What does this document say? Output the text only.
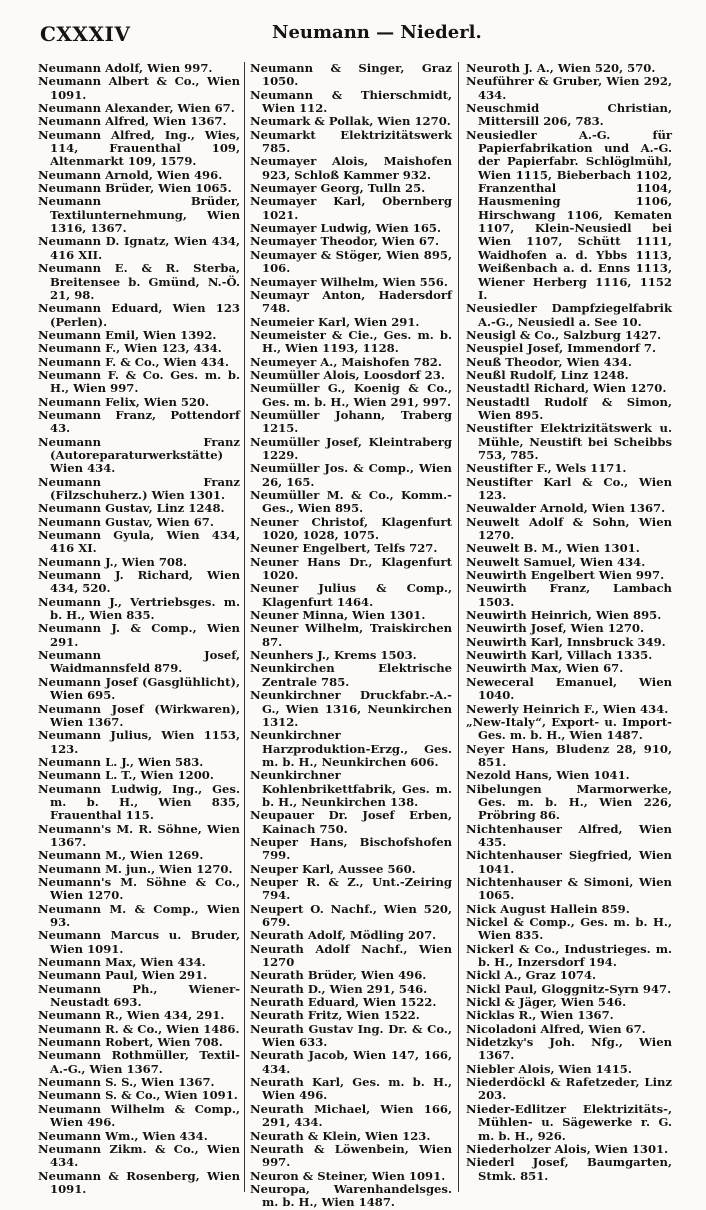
CXXXIV	Neumann — Niederl.

Neumann Adolf, Wien 997.

Neumann Albert & Co., Wien 1091.

Neumann Alexander, Wien 67.

Neumann Alfred, Wien 1367.

Neumann Alfred, Ing., Wies, 114, Frauenthal 109, Altenmarkt 109, 1579.

Neumann Arnold, Wien 496.

Neumann Brüder, Wien 1065.

Neumann Brüder, Textilunternehmung, Wien 1316, 1367.

Neumann D. Ignatz, Wien 434, 416 XII.

Neumann E. & R. Sterba, Breitensee b. Gmünd, N.-Ö. 21, 98.

Neumann Eduard, Wien 123 (Perlen).

Neumann Emil, Wien 1392.

Neumann F., Wien 123, 434.

Neumann F. & Co., Wien 434.

Neumann F. & Co. Ges. m. b. H., Wien 997.

Neumann Felix, Wien 520.

Neumann Franz, Pottendorf 43.

Neumann Franz (Autoreparaturwerkstätte) Wien 434.

Neumann Franz (Filzschuherz.) Wien 1301.

Neumann Gustav, Linz 1248.

Neumann Gustav, Wien 67.

Neumann Gyula, Wien 434, 416 XI.

Neumann J., Wien 708.

Neumann J. Richard, Wien 434, 520.

Neumann J., Vertriebsges. m. b. H., Wien 835.

Neumann J. & Comp., Wien 291.

Neumann Josef, Waidmannsfeld 879.

Neumann Josef (Gasglühlicht), Wien 695.

Neumann Josef (Wirkwaren), Wien 1367.

Neumann Julius, Wien 1153, 123.

Neumann L. J., Wien 583.

Neumann L. T., Wien 1200.

Neumann Ludwig, Ing., Ges. m. b. H., Wien 835, Frauenthal 115.

Neumann's M. R. Söhne, Wien 1367.

Neumann M., Wien 1269.

Neumann M. jun., Wien 1270.

Neumann's M. Söhne & Co., Wien 1270.

Neumann M. & Comp., Wien 93.

Neumann Marcus u. Bruder, Wien 1091.

Neumann Max, Wien 434.

Neumann Paul, Wien 291.

Neumann Ph., Wiener-Neustadt 693.

Neumann R., Wien 434, 291.

Neumann R. & Co., Wien 1486.

Neumann Robert, Wien 708.

Neumann Rothmüller, Textil-A.-G., Wien 1367.

Neumann S. S., Wien 1367.

Neumann S. & Co., Wien 1091.

Neumann Wilhelm & Comp., Wien 496.

Neumann Wm., Wien 434.

Neumann Zikm. & Co., Wien 434.

Neumann & Rosenberg, Wien 1091.

Neumann & Singer, Graz 1050.

Neumann & Thierschmidt, Wien 112.

Neumark & Pollak, Wien 1270.

Neumarkt Elektrizitätswerk 785.

Neumayer Alois, Maishofen 923, Schloß Kammer 932.

Neumayer Georg, Tulln 25.

Neumayer Karl, Obernberg 1021.

Neumayer Ludwig, Wien 165.

Neumayer Theodor, Wien 67.

Neumayer & Stöger, Wien 895, 106.

Neumayer Wilhelm, Wien 556.

Neumayr Anton, Hadersdorf 748.

Neumeier Karl, Wien 291.

Neumeister & Cie., Ges. m. b. H., Wien 1193, 1128.

Neumeyer A., Maishofen 782.

Neumüller Alois, Loosdorf 23.

Neumüller G., Koenig & Co., Ges. m. b. H., Wien 291, 997.

Neumüller Johann, Traberg 1215.

Neumüller Josef, Kleintraberg 1229.

Neumüller Jos. & Comp., Wien 26, 165.

Neumüller M. & Co., Komm.-Ges., Wien 895.

Neuner Christof, Klagenfurt 1020, 1028, 1075.

Neuner Engelbert, Telfs 727.

Neuner Hans Dr., Klagenfurt 1020.

Neuner Julius & Comp., Klagenfurt 1464.

Neuner Minna, Wien 1301.

Neuner Wilhelm, Traiskirchen 87.

Neunhers J., Krems 1503.

Neunkirchen Elektrische Zentrale 785.

Neunkirchner Druckfabr.-A.-G., Wien 1316, Neunkirchen 1312.

Neunkirchner Harzproduktion-Erzg., Ges. m. b. H., Neunkirchen 606.

Neunkirchner Kohlenbrikettfabrik, Ges. m. b. H., Neunkirchen 138.

Neupauer Dr. Josef Erben, Kainach 750.

Neuper Hans, Bischofshofen 799.

Neuper Karl, Aussee 560.

Neuper R. & Z., Unt.-Zeiring 794.

Neupert O. Nachf., Wien 520, 679.

Neurath Adolf, Mödling 207.

Neurath Adolf Nachf., Wien 1270

Neurath Brüder, Wien 496.

Neurath D., Wien 291, 546.

Neurath Eduard, Wien 1522.

Neurath Fritz, Wien 1522.

Neurath Gustav Ing. Dr. & Co., Wien 633.

Neurath Jacob, Wien 147, 166, 434.

Neurath Karl, Ges. m. b. H., Wien 496.

Neurath Michael, Wien 166, 291, 434.

Neurath & Klein, Wien 123.

Neurath & Löwenbein, Wien 997.

Neuron & Steiner, Wien 1091.

Neuropa, Warenhandelsges. m. b. H., Wien 1487.

Neuroth J. A., Wien 520, 570.

Neuführer & Gruber, Wien 292, 434.

Neuschmid Christian, Mittersill 206, 783.

Neusiedler A.-G. für Papierfabrikation und A.-G. der Papierfabr. Schlöglmühl, Wien 1115, Bieberbach 1102, Franzenthal 1104, Hausmening 1106, Hirschwang 1106, Kematen 1107, Klein-Neusiedl bei Wien 1107, Schütt 1111, Waidhofen a. d. Ybbs 1113, Weißenbach a. d. Enns 1113, Wiener Herberg 1116, 1152 I.

Neusiedler Dampfziegelfabrik A.-G., Neusiedl a. See 10.

Neusigl & Co., Salzburg 1427.

Neuspiel Josef, Immendorf 7.

Neuß Theodor, Wien 434.

Neußl Rudolf, Linz 1248.

Neustadtl Richard, Wien 1270.

Neustadtl Rudolf & Simon, Wien 895.

Neustifter Elektrizitätswerk u. Mühle, Neustift bei Scheibbs 753, 785.

Neustifter F., Wels 1171.

Neustifter Karl & Co., Wien 123.

Neuwalder Arnold, Wien 1367.

Neuwelt Adolf & Sohn, Wien 1270.

Neuwelt B. M., Wien 1301.

Neuwelt Samuel, Wien 434.

Neuwirth Engelbert Wien 997.

Neuwirth Franz, Lambach 1503.

Neuwirth Heinrich, Wien 895.

Neuwirth Josef, Wien 1270.

Neuwirth Karl, Innsbruck 349.

Neuwirth Karl, Villach 1335.

Neuwirth Max, Wien 67.

Neweceral Emanuel, Wien 1040.

Newerly Heinrich F., Wien 434.

„New-Italy“, Export- u. Import-Ges. m. b. H., Wien 1487.

Neyer Hans, Bludenz 28, 910, 851.

Nezold Hans, Wien 1041.

Nibelungen Marmorwerke, Ges. m. b. H., Wien 226, Pröbring 86.

Nichtenhauser Alfred, Wien 435.

Nichtenhauser Siegfried, Wien 1041.

Nichtenhauser & Simoni, Wien 1065.

Nick August Hallein 859.

Nickel & Comp., Ges. m. b. H., Wien 835.

Nickerl & Co., Industrieges. m. b. H., Inzersdorf 194.

Nickl A., Graz 1074.

Nickl Paul, Gloggnitz-Syrn 947.

Nickl & Jäger, Wien 546.

Nicklas R., Wien 1367.

Nicoladoni Alfred, Wien 67.

Nidetzky's Joh. Nfg., Wien 1367.

Niebler Alois, Wien 1415.

Niederdöckl & Rafetzeder, Linz 203.

Nieder-Edlitzer Elektrizitäts-, Mühlen- u. Sägewerke r. G. m. b. H., 926.

Niederholzer Alois, Wien 1301.

Niederl Josef, Baumgarten, Stmk. 851.
